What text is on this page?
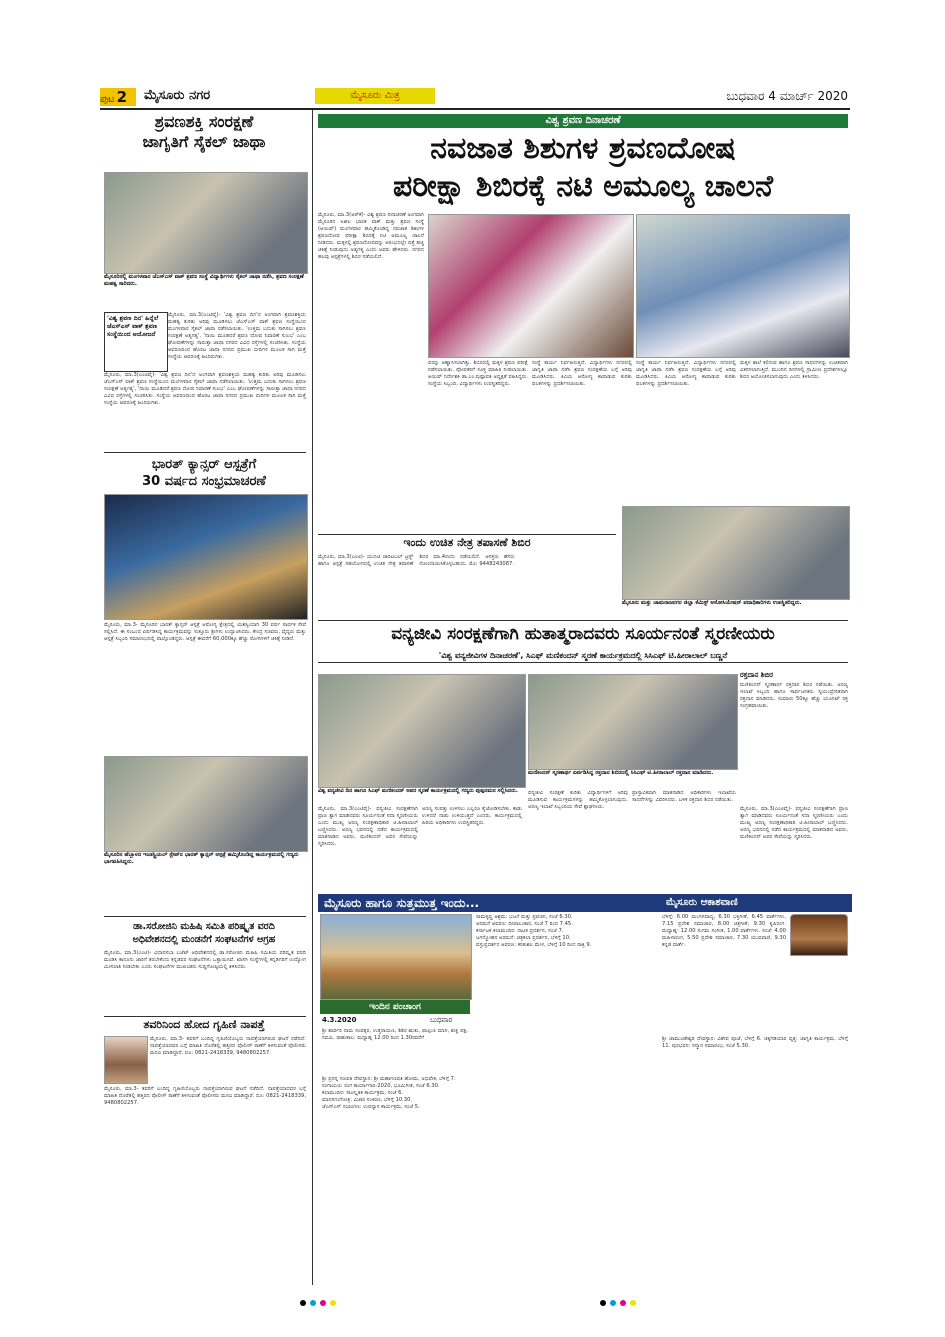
ಪುಟ 2	ಮೈಸೂರು ನಗರ	ಮೈಸೂರು ಮಿತ್ರ	ಬುಧವಾರ 4 ಮಾರ್ಚ್ 2020
ಶ್ರವಣಶಕ್ತಿ ಸಂರಕ್ಷಣೆ
ಜಾಗೃತಿಗೆ ಸೈಕಲ್ ಜಾಥಾ
ಮೈಸೂರಿನಲ್ಲಿ ಮಂಗಳವಾರ ಜೆಎಸ್‌ಎಸ್ ವಾಕ್ ಶ್ರವಣ ಸಂಸ್ಥೆ ವಿದ್ಯಾರ್ಥಿಗಳು ಸೈಕಲ್ ಜಾಥಾ ನಡೆಸಿ, ಶ್ರವಣ ಸಂರಕ್ಷಣೆ ಮಹತ್ವ ಸಾರಿದರು.
'ವಿಶ್ವ ಶ್ರವಣ ದಿನ' ಹಿನ್ನೆಲೆ ಜೆಎಸ್‌ಎಸ್ ವಾಕ್ ಶ್ರವಣ ಸಂಸ್ಥೆಯಿಂದ ಆಯೋಜನೆ
ಮೈಸೂರು, ಮಾ.3(ಎಂಟಿವೈ)- 'ವಿಶ್ವ ಶ್ರವಣ ದಿನ'ದ ಅಂಗವಾಗಿ ಶ್ರವಣಶಕ್ತಿಯ ಮಹತ್ವ ಕುರಿತು ಅರಿವು ಮೂಡಿಸಲು ಜೆಎಸ್‌ಎಸ್ ವಾಕ್ ಶ್ರವಣ ಸಂಸ್ಥೆಯಿಂದ ಮಂಗಳವಾರ ಸೈಕಲ್ ಜಾಥಾ ನಡೆಸಲಾಯಿತು. 'ಉತ್ತಮ ಬದುಕು ಸಾಗಿಸಲು ಶ್ರವಣ ಸಂರಕ್ಷಣೆ ಅತ್ಯಗತ್ಯ', 'ನಾಯಿ ಮೂಡಿದರೆ ಶ್ರವಣ ದೋಷ ನಿವಾರಣೆ ಸುಲಭ' ಎಂಬ ಘೋಷಣೆಗಳನ್ನು ಸಾರುತ್ತಾ ಜಾಥಾ ನಗರದ ವಿವಿಧ ರಸ್ತೆಗಳಲ್ಲಿ ಸಂಚರಿಸಿತು. ಸಂಸ್ಥೆಯ ಆವರಣದಿಂದ ಹೊರಟ ಜಾಥಾ ನಗರದ ಪ್ರಮುಖ ಬೀದಿಗಳ ಮೂಲಕ ಸಾಗಿ ಮತ್ತೆ ಸಂಸ್ಥೆಯ ಆವರಣಕ್ಕೆ ಹಿಂದಿರುಗಿತು.
ಮೈಸೂರು, ಮಾ.3(ಎಂಟಿವೈ)- 'ವಿಶ್ವ ಶ್ರವಣ ದಿನ'ದ ಅಂಗವಾಗಿ ಶ್ರವಣಶಕ್ತಿಯ ಮಹತ್ವ ಕುರಿತು ಅರಿವು ಮೂಡಿಸಲು ಜೆಎಸ್‌ಎಸ್ ವಾಕ್ ಶ್ರವಣ ಸಂಸ್ಥೆಯಿಂದ ಮಂಗಳವಾರ ಸೈಕಲ್ ಜಾಥಾ ನಡೆಸಲಾಯಿತು. 'ಉತ್ತಮ ಬದುಕು ಸಾಗಿಸಲು ಶ್ರವಣ ಸಂರಕ್ಷಣೆ ಅತ್ಯಗತ್ಯ', 'ನಾಯಿ ಮೂಡಿದರೆ ಶ್ರವಣ ದೋಷ ನಿವಾರಣೆ ಸುಲಭ' ಎಂಬ ಘೋಷಣೆಗಳನ್ನು ಸಾರುತ್ತಾ ಜಾಥಾ ನಗರದ ವಿವಿಧ ರಸ್ತೆಗಳಲ್ಲಿ ಸಂಚರಿಸಿತು. ಸಂಸ್ಥೆಯ ಆವರಣದಿಂದ ಹೊರಟ ಜಾಥಾ ನಗರದ ಪ್ರಮುಖ ಬೀದಿಗಳ ಮೂಲಕ ಸಾಗಿ ಮತ್ತೆ ಸಂಸ್ಥೆಯ ಆವರಣಕ್ಕೆ ಹಿಂದಿರುಗಿತು.
ಭಾರತ್ ಕ್ಯಾನ್ಸರ್ ಆಸ್ಪತ್ರೆಗೆ
30 ವರ್ಷದ ಸಂಭ್ರಮಾಚರಣೆ
ಮೈಸೂರು, ಮಾ.3- ಮೈಸೂರಿನ ಭಾರತ್ ಕ್ಯಾನ್ಸರ್ ಆಸ್ಪತ್ರೆ ಆರೋಗ್ಯ ಕ್ಷೇತ್ರದಲ್ಲಿ ಯಶಸ್ವಿಯಾಗಿ 30 ವರ್ಷ ಸಾರ್ಥಕ ಸೇವೆ ಸಲ್ಲಿಸಿದೆ. ಈ ಸಂಬಂಧ ಏರ್ಪಡಿಸಿದ್ದ ಕಾರ್ಯಕ್ರಮವನ್ನು ಸುತ್ತೂರು ಶ್ರೀಗಳು ಉದ್ಘಾಟಿಸಿದರು. ಕೇಂದ್ರ ಸಚಿವರು, ವೈದ್ಯರು ಮತ್ತು ಆಸ್ಪತ್ರೆ ಸಿಬ್ಬಂದಿ ಸಮಾರಂಭದಲ್ಲಿ ಪಾಲ್ಗೊಂಡಿದ್ದರು. ಆಸ್ಪತ್ರೆ ಈವರೆಗೆ 60,000ಕ್ಕೂ ಹೆಚ್ಚು ರೋಗಿಗಳಿಗೆ ಚಿಕಿತ್ಸೆ ನೀಡಿದೆ.
ಮೈಸೂರಿನ ಹೆಬ್ಬಾಳದ ಇಂಡಸ್ಟ್ರಿಯಲ್ ಸ್ಟೇಟ್‌ನ ಭಾರತ್ ಕ್ಯಾನ್ಸರ್ ಆಸ್ಪತ್ರೆ ಹಮ್ಮಿಕೊಂಡಿದ್ದ ಕಾರ್ಯಕ್ರಮದಲ್ಲಿ ಗಣ್ಯರು ಭಾಗವಹಿಸಿದ್ದರು.
ಡಾ.ಸರೋಜಿನಿ ಮಹಿಷಿ ಸಮಿತಿ ಪರಿಷ್ಕೃತ ವರದಿ
ಅಧಿವೇಶನದಲ್ಲಿ ಮಂಡನೆಗೆ ಸಂಘಟನೆಗಳ ಆಗ್ರಹ
ಮೈಸೂರು, ಮಾ.3(ಎಂಟಿ)- ವಿಧಾನಸಭಾ ಬಜೆಟ್ ಅಧಿವೇಶನದಲ್ಲಿ ಡಾ.ಸರೋಜಿನಿ ಮಹಿಷಿ ಸಮಿತಿಯ ಪರಿಷ್ಕೃತ ವರದಿ ಮಂಡಿಸಿ ಕಾನೂನು ಜಾರಿಗೆ ತರಬೇಕೆಂದು ಕನ್ನಡಪರ ಸಂಘಟನೆಗಳು ಒತ್ತಾಯಿಸಿವೆ. ಖಾಸಗಿ ಸಂಸ್ಥೆಗಳಲ್ಲಿ ಕನ್ನಡಿಗರಿಗೆ ಉದ್ಯೋಗ ಮೀಸಲಾತಿ ನೀಡಬೇಕು ಎಂದು ಸಂಘಟನೆಗಳ ಮುಖಂಡರು ಸುದ್ದಿಗೋಷ್ಠಿಯಲ್ಲಿ ತಿಳಿಸಿದರು.
ತವರಿನಿಂದ ಹೋದ ಗೃಹಿಣಿ ನಾಪತ್ತೆ
ಮೈಸೂರು, ಮಾ.3- ತವರಿಗೆ ಬಂದಿದ್ದ ಗೃಹಿಣಿಯೊಬ್ಬರು ನಾಪತ್ತೆಯಾಗಿರುವ ಘಟನೆ ನಡೆದಿದೆ. ನಾಪತ್ತೆಯಾದವರ ಬಗ್ಗೆ ಮಾಹಿತಿ ದೊರೆತಲ್ಲಿ ಹತ್ತಿರದ ಪೊಲೀಸ್ ಠಾಣೆಗೆ ತಿಳಿಸುವಂತೆ ಪೊಲೀಸರು ಮನವಿ ಮಾಡಿದ್ದಾರೆ. ದೂ: 0821-2418339, 9480802257.
ಮೈಸೂರು, ಮಾ.3- ತವರಿಗೆ ಬಂದಿದ್ದ ಗೃಹಿಣಿಯೊಬ್ಬರು ನಾಪತ್ತೆಯಾಗಿರುವ ಘಟನೆ ನಡೆದಿದೆ. ನಾಪತ್ತೆಯಾದವರ ಬಗ್ಗೆ ಮಾಹಿತಿ ದೊರೆತಲ್ಲಿ ಹತ್ತಿರದ ಪೊಲೀಸ್ ಠಾಣೆಗೆ ತಿಳಿಸುವಂತೆ ಪೊಲೀಸರು ಮನವಿ ಮಾಡಿದ್ದಾರೆ. ದೂ: 0821-2418339, 9480802257.
ವಿಶ್ವ ಶ್ರವಣ ದಿನಾಚರಣೆ
ನವಜಾತ ಶಿಶುಗಳ ಶ್ರವಣದೋಷ
ಪರೀಕ್ಷಾ ಶಿಬಿರಕ್ಕೆ ನಟಿ ಅಮೂಲ್ಯ ಚಾಲನೆ
ಮೈಸೂರು, ಮಾ.3(ಆರ್‌ಕೆ)- ವಿಶ್ವ ಶ್ರವಣ ದಿನಾಚರಣೆ ಅಂಗವಾಗಿ ಮೈಸೂರಿನ ಅಖಿಲ ಭಾರತ ವಾಕ್ ಮತ್ತು ಶ್ರವಣ ಸಂಸ್ಥೆ (ಆಯಿಷ್) ಮಂಗಳವಾರ ಹಮ್ಮಿಕೊಂಡಿದ್ದ ನವಜಾತ ಶಿಶುಗಳ ಶ್ರವಣದೋಷ ಪರೀಕ್ಷಾ ಶಿಬಿರಕ್ಕೆ ನಟಿ ಅಮೂಲ್ಯ ಚಾಲನೆ ನೀಡಿದರು. ಮಕ್ಕಳಲ್ಲಿ ಶ್ರವಣದೋಷವನ್ನು ಆರಂಭದಲ್ಲೇ ಪತ್ತೆ ಹಚ್ಚಿ ಚಿಕಿತ್ಸೆ ನೀಡುವುದು ಅತ್ಯಗತ್ಯ ಎಂದು ಅವರು ಹೇಳಿದರು. ನಗರದ ಹಲವು ಆಸ್ಪತ್ರೆಗಳಲ್ಲಿ ಶಿಬಿರ ನಡೆಯಲಿದೆ.
ವರನ್ನು ಆಹ್ವಾನಿಸಲಾಗಿತ್ತು. ಶಿಬಿರದಲ್ಲಿ ಮಕ್ಕಳ ಶ್ರವಣ ಪರೀಕ್ಷೆ ನಡೆಸಲಾಯಿತು. ಪೋಷಕರಿಗೆ ಸೂಕ್ತ ಮಾಹಿತಿ ನೀಡಲಾಯಿತು. ಆಯಿಷ್ ನಿರ್ದೇಶಕಿ ಡಾ.ಎಂ.ಪುಷ್ಪಾವತಿ ಅಧ್ಯಕ್ಷತೆ ವಹಿಸಿದ್ದರು. ಸಂಸ್ಥೆಯ ಸಿಬ್ಬಂದಿ, ವಿದ್ಯಾರ್ಥಿಗಳು ಉಪಸ್ಥಿತರಿದ್ದರು.
ಸಂಸ್ಥೆ ಕಾರ್ಯ ನಿರ್ವಹಿಸುತ್ತಿದೆ. ವಿದ್ಯಾರ್ಥಿಗಳು ನಗರದಲ್ಲಿ ಜಾಗೃತಿ ಜಾಥಾ ನಡೆಸಿ ಶ್ರವಣ ಸಂರಕ್ಷಣೆಯ ಬಗ್ಗೆ ಅರಿವು ಮೂಡಿಸಿದರು. ಕಿವಿಯ ಆರೋಗ್ಯ ಕಾಪಾಡುವ ಕುರಿತು ಫಲಕಗಳನ್ನು ಪ್ರದರ್ಶಿಸಲಾಯಿತು.
ಸಂಸ್ಥೆ ಕಾರ್ಯ ನಿರ್ವಹಿಸುತ್ತಿದೆ. ವಿದ್ಯಾರ್ಥಿಗಳು ನಗರದಲ್ಲಿ ಜಾಗೃತಿ ಜಾಥಾ ನಡೆಸಿ ಶ್ರವಣ ಸಂರಕ್ಷಣೆಯ ಬಗ್ಗೆ ಅರಿವು ಮೂಡಿಸಿದರು. ಕಿವಿಯ ಆರೋಗ್ಯ ಕಾಪಾಡುವ ಕುರಿತು ಫಲಕಗಳನ್ನು ಪ್ರದರ್ಶಿಸಲಾಯಿತು.
ಮಕ್ಕಳ ಶಾಲೆ ಕಲಿಸುವ ಹಾಗೂ ಶ್ರವಣ ಸಾಧನಗಳನ್ನು ಉಚಿತವಾಗಿ ವಿತರಿಸಲಾಗುತ್ತಿದೆ. ಮುಂದಿನ ದಿನಗಳಲ್ಲಿ ಗ್ರಾಮೀಣ ಪ್ರದೇಶಗಳಲ್ಲೂ ಶಿಬಿರ ಆಯೋಜಿಸಲಾಗುವುದು ಎಂದು ತಿಳಿಸಿದರು.
ಇಂದು ಉಚಿತ ನೇತ್ರ ತಪಾಸಣೆ ಶಿಬಿರ
ಮೈಸೂರು, ಮಾ.3(ಎಂಟಿ)- ಯುನಿಟಿ ಚಾರಿಟಬಲ್ ಟ್ರಸ್ಟ್ ಹಾಗೂ ಆಸ್ಪತ್ರೆ ಸಹಯೋಗದಲ್ಲಿ ಉಚಿತ ನೇತ್ರ ತಪಾಸಣೆ ಶಿಬಿರ ಮಾ.4ರಂದು ನಡೆಯಲಿದೆ. ಆಸಕ್ತರು ಹೆಸರು ನೋಂದಾಯಿಸಿಕೊಳ್ಳಬಹುದು. ಮೊ: 9448243087.
ಮೈಸೂರು ಮತ್ತು ಚಾಮರಾಜನಗರ ಜಿಲ್ಲಾ ಕೆಮಿಸ್ಟ್ ಅಸೋಸಿಯೇಷನ್ ಪದಾಧಿಕಾರಿಗಳು ಉಪಸ್ಥಿತರಿದ್ದರು.
ವನ್ಯಜೀವಿ ಸಂರಕ್ಷಣೆಗಾಗಿ ಹುತಾತ್ಮರಾದವರು ಸೂರ್ಯನಂತೆ ಸ್ಮರಣೀಯರು
'ವಿಶ್ವ ವನ್ಯಜೀವಿಗಳ ದಿನಾಚರಣೆ', ಸಿಎಫ್ ಮಣಿಕಂದನ್ ಸ್ಮರಣೆ ಕಾರ್ಯಕ್ರಮದಲ್ಲಿ ಸಿಸಿಎಫ್ ಟಿ.ಹೀರಾಲಾಲ್ ಬಣ್ಣನೆ
ವಿಶ್ವ ವನ್ಯಜೀವಿ ದಿನ ಹಾಗೂ ಸಿಎಫ್ ಮಣಿಕಂದನ್ ಅವರ ಸ್ಮರಣೆ ಕಾರ್ಯಕ್ರಮದಲ್ಲಿ ಗಣ್ಯರು ಪುಷ್ಪನಮನ ಸಲ್ಲಿಸಿದರು.
ಮಣಿಕಂದನ್ ಸ್ಮರಣಾರ್ಥ ಏರ್ಪಡಿಸಿದ್ದ ರಕ್ತದಾನ ಶಿಬಿರದಲ್ಲಿ ಸಿಸಿಎಫ್ ಟಿ.ಹೀರಾಲಾಲ್ ರಕ್ತದಾನ ಮಾಡಿದರು.
ರಕ್ತದಾನ ಶಿಬಿರ
ಮಣಿಕಂದನ್ ಸ್ಮರಣಾರ್ಥ ರಕ್ತದಾನ ಶಿಬಿರ ನಡೆಯಿತು. ಅರಣ್ಯ ಇಲಾಖೆ ಸಿಬ್ಬಂದಿ ಹಾಗೂ ಸಾರ್ವಜನಿಕರು ಸ್ವಯಂಪ್ರೇರಿತರಾಗಿ ರಕ್ತದಾನ ಮಾಡಿದರು. ಸುಮಾರು 50ಕ್ಕೂ ಹೆಚ್ಚು ಯೂನಿಟ್ ರಕ್ತ ಸಂಗ್ರಹವಾಯಿತು.
ಮೈಸೂರು, ಮಾ.3(ಎಂಟಿವೈ)- ವನ್ಯಜೀವಿ ಸಂರಕ್ಷಣೆಗಾಗಿ ಪ್ರಾಣ ತ್ಯಾಗ ಮಾಡಿದವರು ಸೂರ್ಯನಂತೆ ಸದಾ ಸ್ಮರಣೀಯರು ಎಂದು ಮುಖ್ಯ ಅರಣ್ಯ ಸಂರಕ್ಷಣಾಧಿಕಾರಿ ಟಿ.ಹೀರಾಲಾಲ್ ಬಣ್ಣಿಸಿದರು. ಅರಣ್ಯ ಭವನದಲ್ಲಿ ನಡೆದ ಕಾರ್ಯಕ್ರಮದಲ್ಲಿ ಮಾತನಾಡಿದ ಅವರು, ಮಣಿಕಂದನ್ ಅವರ ಸೇವೆಯನ್ನು ಸ್ಮರಿಸಿದರು.
ಅರಣ್ಯ ಸಂಪತ್ತು ಉಳಿಸಲು ಎಲ್ಲರೂ ಕೈಜೋಡಿಸಬೇಕು. ಕಾಡು ಉಳಿದರೆ ನಾಡು ಉಳಿಯುತ್ತದೆ ಎಂದರು. ಕಾರ್ಯಕ್ರಮದಲ್ಲಿ ಹಿರಿಯ ಅಧಿಕಾರಿಗಳು ಉಪಸ್ಥಿತರಿದ್ದರು.
ವನ್ಯಜೀವಿ ಸಂರಕ್ಷಣೆ ಕುರಿತು ವಿದ್ಯಾರ್ಥಿಗಳಿಗೆ ಅರಿವು ಮೂಡಿಸುವ ಕಾರ್ಯಕ್ರಮಗಳನ್ನು ಹಮ್ಮಿಕೊಳ್ಳಲಾಗುವುದು. ಅರಣ್ಯ ಇಲಾಖೆ ಸಿಬ್ಬಂದಿಯ ಸೇವೆ ಶ್ಲಾಘನೀಯ.
ಪ್ರಾಸ್ತಾವಿಕವಾಗಿ ಮಾತನಾಡಿದ ಅಧಿಕಾರಿಗಳು ಇಲಾಖೆಯ ಸಾಧನೆಗಳನ್ನು ವಿವರಿಸಿದರು. ಬಳಿಕ ರಕ್ತದಾನ ಶಿಬಿರ ನಡೆಯಿತು.
ಮೈಸೂರು, ಮಾ.3(ಎಂಟಿವೈ)- ವನ್ಯಜೀವಿ ಸಂರಕ್ಷಣೆಗಾಗಿ ಪ್ರಾಣ ತ್ಯಾಗ ಮಾಡಿದವರು ಸೂರ್ಯನಂತೆ ಸದಾ ಸ್ಮರಣೀಯರು ಎಂದು ಮುಖ್ಯ ಅರಣ್ಯ ಸಂರಕ್ಷಣಾಧಿಕಾರಿ ಟಿ.ಹೀರಾಲಾಲ್ ಬಣ್ಣಿಸಿದರು. ಅರಣ್ಯ ಭವನದಲ್ಲಿ ನಡೆದ ಕಾರ್ಯಕ್ರಮದಲ್ಲಿ ಮಾತನಾಡಿದ ಅವರು, ಮಣಿಕಂದನ್ ಅವರ ಸೇವೆಯನ್ನು ಸ್ಮರಿಸಿದರು.
ಮೈಸೂರು ಹಾಗೂ ಸುತ್ತಮುತ್ತ ಇಂದು...
ಇಂದಿನ ಪಂಚಾಂಗ
4.3.2020	ಬುಧವಾರ
ಶ್ರೀ ಶಾರ್ವರಿ ನಾಮ ಸಂವತ್ಸರ, ಉತ್ತರಾಯಣ, ಶಿಶಿರ ಋತು, ಫಾಲ್ಗುಣ ಮಾಸ, ಶುಕ್ಲ ಪಕ್ಷ, ನವಮಿ. ರಾಹುಕಾಲ: ಮಧ್ಯಾಹ್ನ 12.00 ರಿಂದ 1.30ರವರೆಗೆ
ಶ್ರೀ ಪ್ರಸನ್ನ ಗಣಪತಿ ದೇವಸ್ಥಾನ: ಶ್ರೀ ಮಹಾಗಣಪತಿ ಹೋಮ, ಅಭಿಷೇಕ, ಬೆಳಿಗ್ಗೆ 7.
ರಂಗಾಯಣ: ರಂಗ ಕಾರ್ಯಾಗಾರ-2020, ಭೂಮಿಗೀತ, ಸಂಜೆ 6.30.
ಕಲಾಮಂದಿರ: ಸಾಂಸ್ಕೃತಿಕ ಕಾರ್ಯಕ್ರಮ, ಸಂಜೆ 6.
ಮಾನಸಗಂಗೋತ್ರಿ: ವಿಚಾರ ಸಂಕಿರಣ, ಬೆಳಿಗ್ಗೆ 10.30.
ಜೆಎಸ್‌ಎಸ್ ಸಭಾಂಗಣ: ಉಪನ್ಯಾಸ ಕಾರ್ಯಕ್ರಮ, ಸಂಜೆ 5.
ರಾಮಕೃಷ್ಣ ಆಶ್ರಮ: ಭಜನೆ ಮತ್ತು ಪ್ರವಚನ, ಸಂಜೆ 6.30.
ಅರಮನೆ ಆವರಣ: ದೀಪಾಲಂಕಾರ, ಸಂಜೆ 7 ರಿಂದ 7.45.
ಕರ್ನಾಟಕ ಕಲಾಮಂದಿರ: ನಾಟಕ ಪ್ರದರ್ಶನ, ಸಂಜೆ 7.
ಜಗನ್ಮೋಹನ ಅರಮನೆ: ಚಿತ್ರಕಲಾ ಪ್ರದರ್ಶನ, ಬೆಳಿಗ್ಗೆ 10.
ವಸ್ತುಪ್ರದರ್ಶನ ಆವರಣ: ಕರಕುಶಲ ಮೇಳ, ಬೆಳಿಗ್ಗೆ 10 ರಿಂದ ರಾತ್ರಿ 9.
ಮೈಸೂರು ಆಕಾಶವಾಣಿ
ಬೆಳಿಗ್ಗೆ: 6.00 ಮಂಗಳವಾದ್ಯ, 6.30 ಭಕ್ತಿಗೀತೆ, 6.45 ವಾರ್ತೆಗಳು, 7.15 ಪ್ರದೇಶ ಸಮಾಚಾರ, 8.00 ಚಿತ್ರಗೀತೆ, 9.30 ಕೃಷಿರಂಗ. ಮಧ್ಯಾಹ್ನ: 12.00 ಸುಗಮ ಸಂಗೀತ, 1.00 ವಾರ್ತೆಗಳು. ಸಂಜೆ: 4.00 ಮಹಿಳಾರಂಗ, 5.50 ಪ್ರದೇಶ ಸಮಾಚಾರ, 7.30 ಯುವವಾಣಿ, 9.30 ಕನ್ನಡ ವಾರ್ತೆ.
ಶ್ರೀ ಚಾಮುಂಡೇಶ್ವರಿ ದೇವಸ್ಥಾನ: ವಿಶೇಷ ಪೂಜೆ, ಬೆಳಿಗ್ಗೆ 6. ಚಿಕ್ಕಗಡಿಯಾರ ವೃತ್ತ: ಜಾಗೃತಿ ಕಾರ್ಯಕ್ರಮ, ಬೆಳಿಗ್ಗೆ 11. ಪುರಭವನ: ಸನ್ಮಾನ ಸಮಾರಂಭ, ಸಂಜೆ 5.30.
